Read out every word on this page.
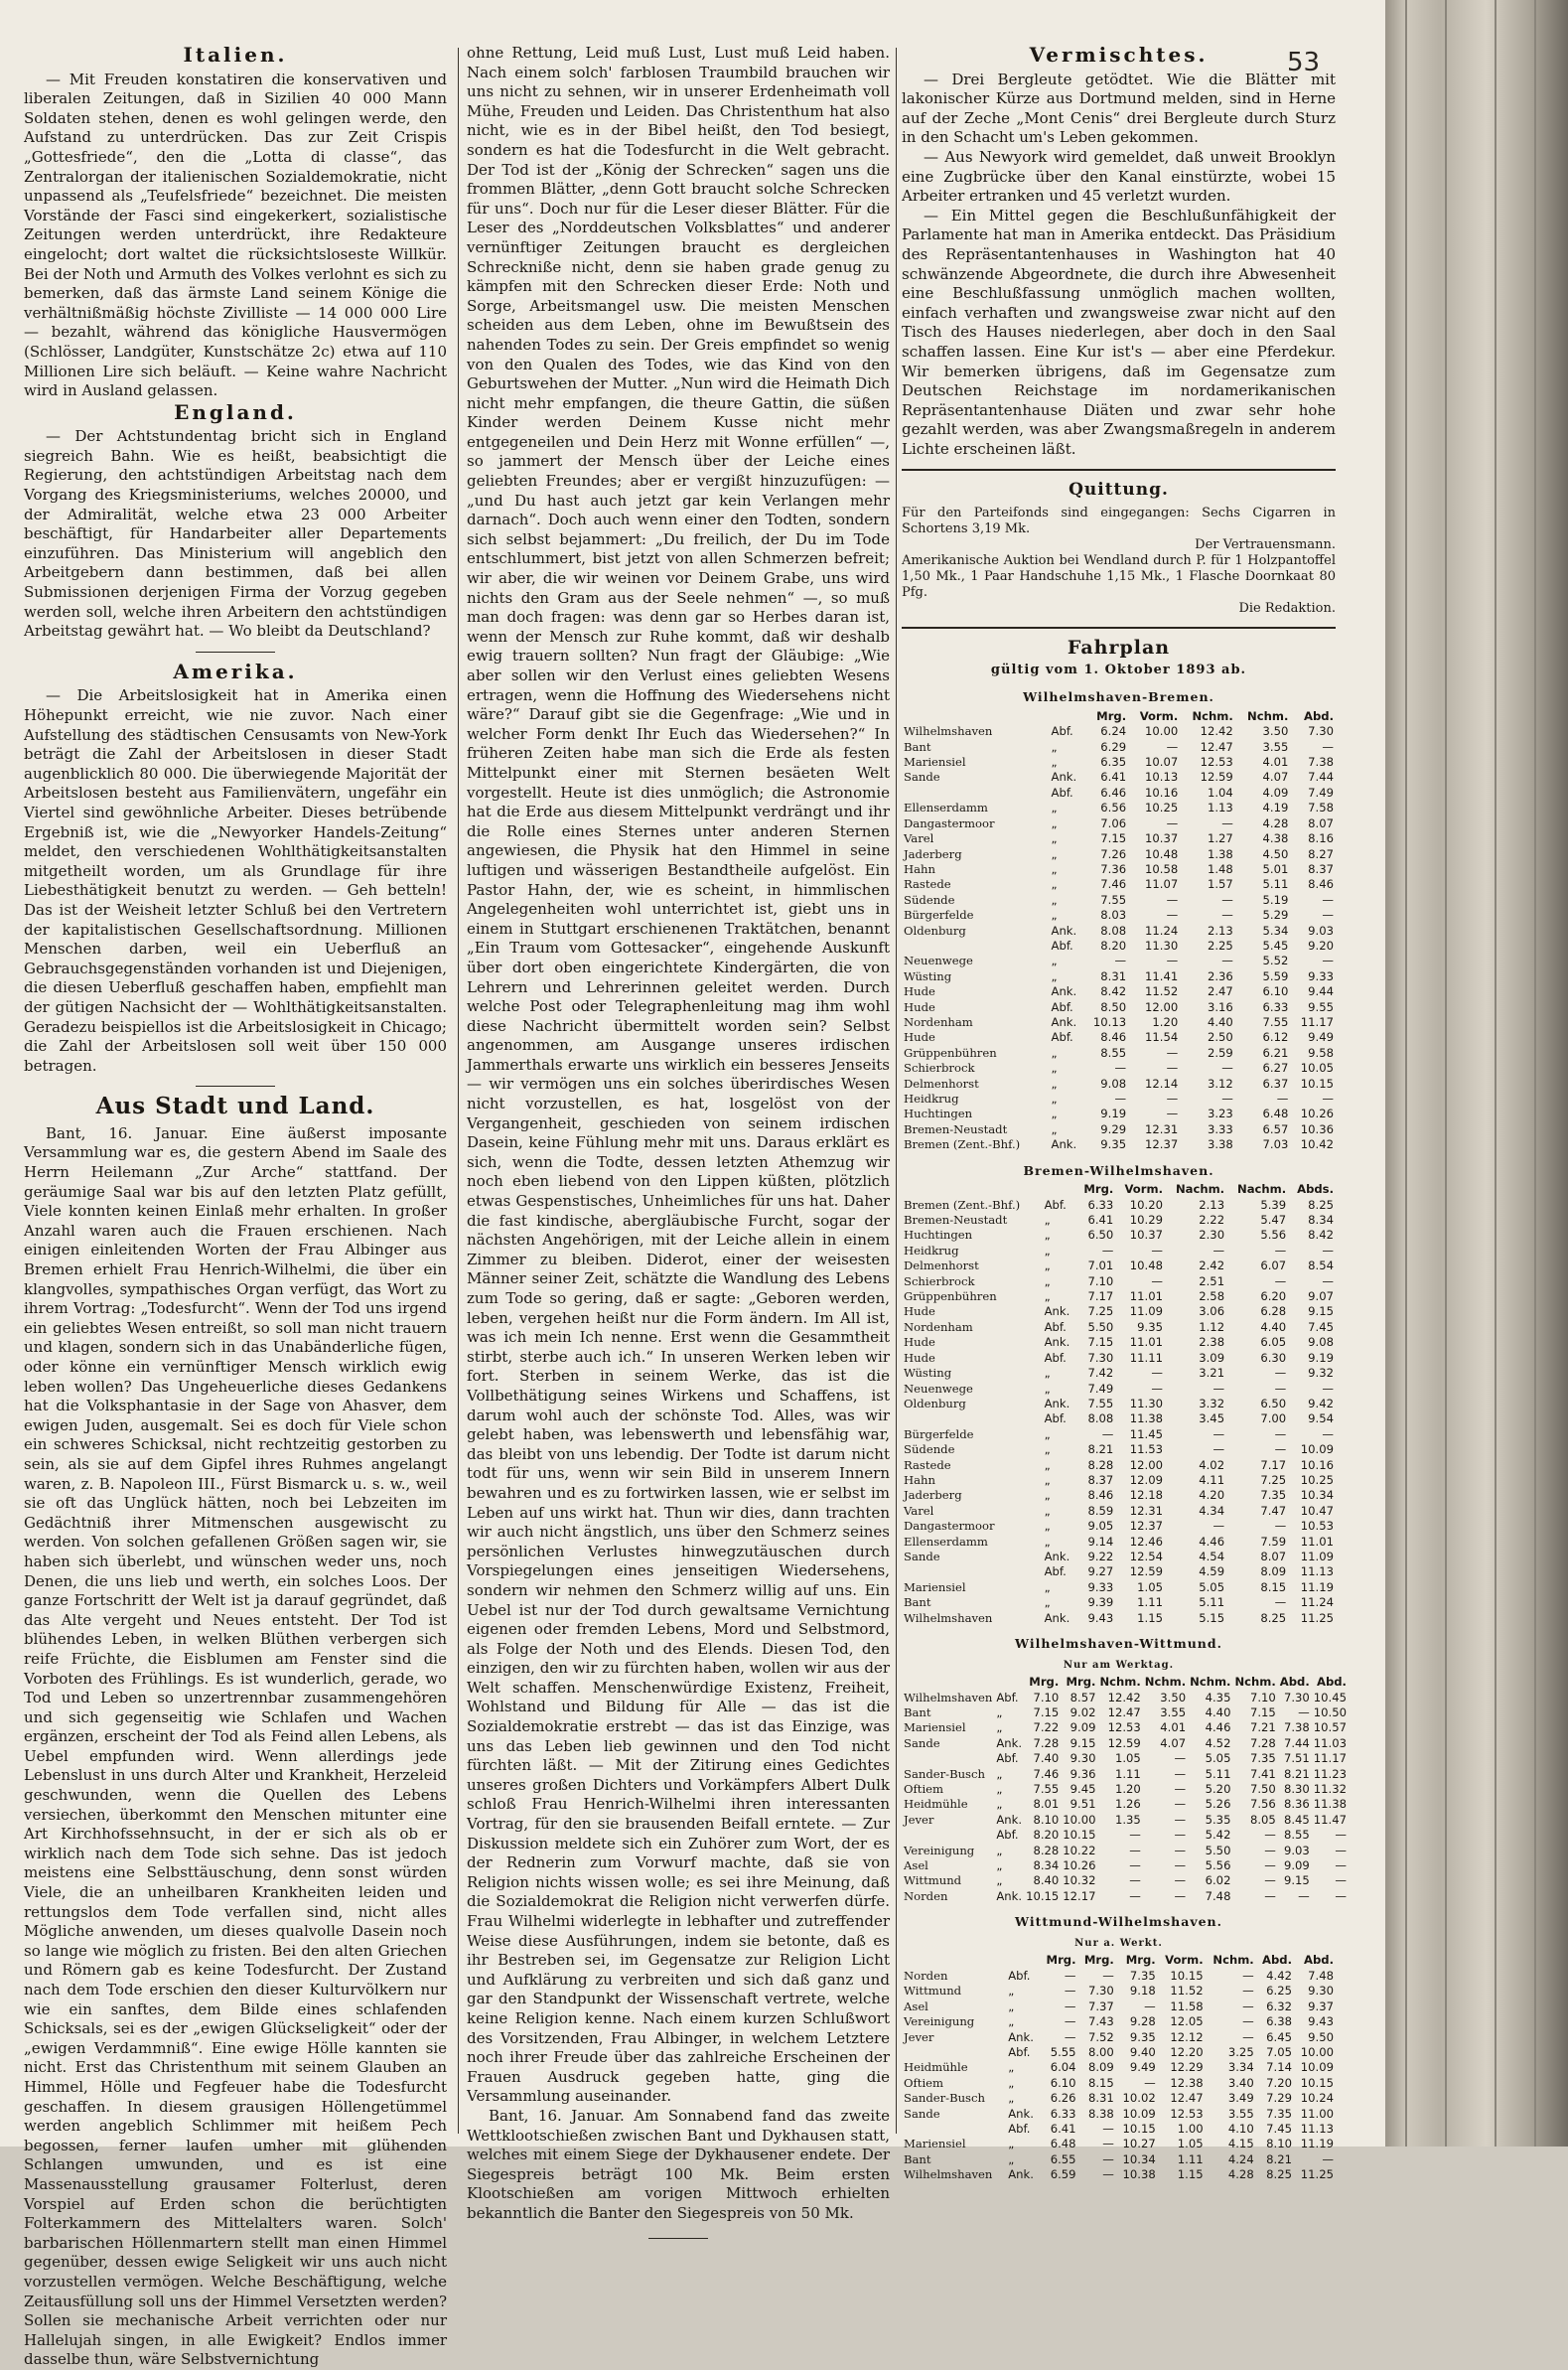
53
Italien.

— Mit Freuden konstatiren die konservativen und liberalen Zeitungen, daß in Sizilien 40 000 Mann Soldaten stehen, denen es wohl gelingen werde, den Aufstand zu unterdrücken. Das zur Zeit Crispis „Gottesfriede“, den die „Lotta di classe“, das Zentralorgan der italienischen Sozialdemokratie, nicht unpassend als „Teufelsfriede“ bezeichnet. Die meisten Vorstände der Fasci sind eingekerkert, sozialistische Zeitungen werden unterdrückt, ihre Redakteure eingelocht; dort waltet die rücksichtsloseste Willkür. Bei der Noth und Armuth des Volkes verlohnt es sich zu bemerken, daß das ärmste Land seinem Könige die verhältnißmäßig höchste Zivilliste — 14 000 000 Lire — bezahlt, während das königliche Hausvermögen (Schlösser, Landgüter, Kunstschätze 2c) etwa auf 110 Millionen Lire sich beläuft. — Keine wahre Nachricht wird in Ausland gelassen.

England.

— Der Achtstundentag bricht sich in England siegreich Bahn. Wie es heißt, beabsichtigt die Regierung, den achtstündigen Arbeitstag nach dem Vorgang des Kriegsministeriums, welches 20000, und der Admiralität, welche etwa 23 000 Arbeiter beschäftigt, für Handarbeiter aller Departements einzuführen. Das Ministerium will angeblich den Arbeitgebern dann bestimmen, daß bei allen Submissionen derjenigen Firma der Vorzug gegeben werden soll, welche ihren Arbeitern den achtstündigen Arbeitstag gewährt hat. — Wo bleibt da Deutschland?

Amerika.

— Die Arbeitslosigkeit hat in Amerika einen Höhepunkt erreicht, wie nie zuvor. Nach einer Aufstellung des städtischen Censusamts von New-York beträgt die Zahl der Arbeitslosen in dieser Stadt augenblicklich 80 000. Die überwiegende Majorität der Arbeitslosen besteht aus Familienvätern, ungefähr ein Viertel sind gewöhnliche Arbeiter. Dieses betrübende Ergebniß ist, wie die „Newyorker Handels-Zeitung“ meldet, den verschiedenen Wohlthätigkeitsanstalten mitgetheilt worden, um als Grundlage für ihre Liebesthätigkeit benutzt zu werden. — Geh betteln! Das ist der Weisheit letzter Schluß bei den Vertretern der kapitalistischen Gesellschaftsordnung. Millionen Menschen darben, weil ein Ueberfluß an Gebrauchsgegenständen vorhanden ist und Diejenigen, die diesen Ueberfluß geschaffen haben, empfiehlt man der gütigen Nachsicht der — Wohlthätigkeitsanstalten. Geradezu beispiellos ist die Arbeitslosigkeit in Chicago; die Zahl der Arbeitslosen soll weit über 150 000 betragen.

Aus Stadt und Land.

Bant, 16. Januar. Eine äußerst imposante Versammlung war es, die gestern Abend im Saale des Herrn Heilemann „Zur Arche“ stattfand. Der geräumige Saal war bis auf den letzten Platz gefüllt, Viele konnten keinen Einlaß mehr erhalten. In großer Anzahl waren auch die Frauen erschienen. Nach einigen einleitenden Worten der Frau Albinger aus Bremen erhielt Frau Henrich-Wilhelmi, die über ein klangvolles, sympathisches Organ verfügt, das Wort zu ihrem Vortrag: „Todesfurcht“. Wenn der Tod uns irgend ein geliebtes Wesen entreißt, so soll man nicht trauern und klagen, sondern sich in das Unabänderliche fügen, oder könne ein vernünftiger Mensch wirklich ewig leben wollen? Das Ungeheuerliche dieses Gedankens hat die Volksphantasie in der Sage von Ahasver, dem ewigen Juden, ausgemalt. Sei es doch für Viele schon ein schweres Schicksal, nicht rechtzeitig gestorben zu sein, als sie auf dem Gipfel ihres Ruhmes angelangt waren, z. B. Napoleon III., Fürst Bismarck u. s. w., weil sie oft das Unglück hätten, noch bei Lebzeiten im Gedächtniß ihrer Mitmenschen ausgewischt zu werden. Von solchen gefallenen Größen sagen wir, sie haben sich überlebt, und wünschen weder uns, noch Denen, die uns lieb und werth, ein solches Loos. Der ganze Fortschritt der Welt ist ja darauf gegründet, daß das Alte vergeht und Neues entsteht. Der Tod ist blühendes Leben, in welken Blüthen verbergen sich reife Früchte, die Eisblumen am Fenster sind die Vorboten des Frühlings. Es ist wunderlich, gerade, wo Tod und Leben so unzertrennbar zusammengehören und sich gegenseitig wie Schlafen und Wachen ergänzen, erscheint der Tod als Feind allen Lebens, als Uebel empfunden wird. Wenn allerdings jede Lebenslust in uns durch Alter und Krankheit, Herzeleid geschwunden, wenn die Quellen des Lebens versiechen, überkommt den Menschen mitunter eine Art Kirchhofssehnsucht, in der er sich als ob er wirklich nach dem Tode sich sehne. Das ist jedoch meistens eine Selbsttäuschung, denn sonst würden Viele, die an unheilbaren Krankheiten leiden und rettungslos dem Tode verfallen sind, nicht alles Mögliche anwenden, um dieses qualvolle Dasein noch so lange wie möglich zu fristen. Bei den alten Griechen und Römern gab es keine Todesfurcht. Der Zustand nach dem Tode erschien den dieser Kulturvölkern nur wie ein sanftes, dem Bilde eines schlafenden Schicksals, sei es der „ewigen Glückseligkeit“ oder der „ewigen Verdammniß“. Eine ewige Hölle kannten sie nicht. Erst das Christenthum mit seinem Glauben an Himmel, Hölle und Fegfeuer habe die Todesfurcht geschaffen. In diesem grausigen Höllengetümmel werden angeblich Schlimmer mit heißem Pech begossen, ferner laufen umher mit glühenden Schlangen umwunden, und es ist eine Massenausstellung grausamer Folterlust, deren Vorspiel auf Erden schon die berüchtigten Folterkammern des Mittelalters waren. Solch' barbarischen Höllenmartern stellt man einen Himmel gegenüber, dessen ewige Seligkeit wir uns auch nicht vorzustellen vermögen. Welche Beschäftigung, welche Zeitausfüllung soll uns der Himmel Versetzten werden? Sollen sie mechanische Arbeit verrichten oder nur Hallelujah singen, in alle Ewigkeit? Endlos immer dasselbe thun, wäre Selbstvernichtung

ohne Rettung, Leid muß Lust, Lust muß Leid haben. Nach einem solch' farblosen Traumbild brauchen wir uns nicht zu sehnen, wir in unserer Erdenheimath voll Mühe, Freuden und Leiden. Das Christenthum hat also nicht, wie es in der Bibel heißt, den Tod besiegt, sondern es hat die Todesfurcht in die Welt gebracht. Der Tod ist der „König der Schrecken“ sagen uns die frommen Blätter, „denn Gott braucht solche Schrecken für uns“. Doch nur für die Leser dieser Blätter. Für die Leser des „Norddeutschen Volksblattes“ und anderer vernünftiger Zeitungen braucht es dergleichen Schreckniße nicht, denn sie haben grade genug zu kämpfen mit den Schrecken dieser Erde: Noth und Sorge, Arbeitsmangel usw. Die meisten Menschen scheiden aus dem Leben, ohne im Bewußtsein des nahenden Todes zu sein. Der Greis empfindet so wenig von den Qualen des Todes, wie das Kind von den Geburtswehen der Mutter. „Nun wird die Heimath Dich nicht mehr empfangen, die theure Gattin, die süßen Kinder werden Deinem Kusse nicht mehr entgegeneilen und Dein Herz mit Wonne erfüllen“ —, so jammert der Mensch über der Leiche eines geliebten Freundes; aber er vergißt hinzuzufügen: — „und Du hast auch jetzt gar kein Verlangen mehr darnach“. Doch auch wenn einer den Todten, sondern sich selbst bejammert: „Du freilich, der Du im Tode entschlummert, bist jetzt von allen Schmerzen befreit; wir aber, die wir weinen vor Deinem Grabe, uns wird nichts den Gram aus der Seele nehmen“ —, so muß man doch fragen: was denn gar so Herbes daran ist, wenn der Mensch zur Ruhe kommt, daß wir deshalb ewig trauern sollten? Nun fragt der Gläubige: „Wie aber sollen wir den Verlust eines geliebten Wesens ertragen, wenn die Hoffnung des Wiedersehens nicht wäre?“ Darauf gibt sie die Gegenfrage: „Wie und in welcher Form denkt Ihr Euch das Wiedersehen?“ In früheren Zeiten habe man sich die Erde als festen Mittelpunkt einer mit Sternen besäeten Welt vorgestellt. Heute ist dies unmöglich; die Astronomie hat die Erde aus diesem Mittelpunkt verdrängt und ihr die Rolle eines Sternes unter anderen Sternen angewiesen, die Physik hat den Himmel in seine luftigen und wässerigen Bestandtheile aufgelöst. Ein Pastor Hahn, der, wie es scheint, in himmlischen Angelegenheiten wohl unterrichtet ist, giebt uns in einem in Stuttgart erschienenen Traktätchen, benannt „Ein Traum vom Gottesacker“, eingehende Auskunft über dort oben eingerichtete Kindergärten, die von Lehrern und Lehrerinnen geleitet werden. Durch welche Post oder Telegraphenleitung mag ihm wohl diese Nachricht übermittelt worden sein? Selbst angenommen, am Ausgange unseres irdischen Jammerthals erwarte uns wirklich ein besseres Jenseits — wir vermögen uns ein solches überirdisches Wesen nicht vorzustellen, es hat, losgelöst von der Vergangenheit, geschieden von seinem irdischen Dasein, keine Fühlung mehr mit uns. Daraus erklärt es sich, wenn die Todte, dessen letzten Athemzug wir noch eben liebend von den Lippen küßten, plötzlich etwas Gespenstisches, Unheimliches für uns hat. Daher die fast kindische, abergläubische Furcht, sogar der nächsten Angehörigen, mit der Leiche allein in einem Zimmer zu bleiben. Diderot, einer der weisesten Männer seiner Zeit, schätzte die Wandlung des Lebens zum Tode so gering, daß er sagte: „Geboren werden, leben, vergehen heißt nur die Form ändern. Im All ist, was ich mein Ich nenne. Erst wenn die Gesammtheit stirbt, sterbe auch ich.“ In unseren Werken leben wir fort. Sterben in seinem Werke, das ist die Vollbethätigung seines Wirkens und Schaffens, ist darum wohl auch der schönste Tod. Alles, was wir gelebt haben, was lebenswerth und lebensfähig war, das bleibt von uns lebendig. Der Todte ist darum nicht todt für uns, wenn wir sein Bild in unserem Innern bewahren und es zu fortwirken lassen, wie er selbst im Leben auf uns wirkt hat. Thun wir dies, dann trachten wir auch nicht ängstlich, uns über den Schmerz seines persönlichen Verlustes hinwegzutäuschen durch Vorspiegelungen eines jenseitigen Wiedersehens, sondern wir nehmen den Schmerz willig auf uns. Ein Uebel ist nur der Tod durch gewaltsame Vernichtung eigenen oder fremden Lebens, Mord und Selbstmord, als Folge der Noth und des Elends. Diesen Tod, den einzigen, den wir zu fürchten haben, wollen wir aus der Welt schaffen. Menschenwürdige Existenz, Freiheit, Wohlstand und Bildung für Alle — das ist die Sozialdemokratie erstrebt — das ist das Einzige, was uns das Leben lieb gewinnen und den Tod nicht fürchten läßt. — Mit der Zitirung eines Gedichtes unseres großen Dichters und Vorkämpfers Albert Dulk schloß Frau Henrich-Wilhelmi ihren interessanten Vortrag, für den sie brausenden Beifall erntete. — Zur Diskussion meldete sich ein Zuhörer zum Wort, der es der Rednerin zum Vorwurf machte, daß sie von Religion nichts wissen wolle; es sei ihre Meinung, daß die Sozialdemokrat die Religion nicht verwerfen dürfe. Frau Wilhelmi widerlegte in lebhafter und zutreffender Weise diese Ausführungen, indem sie betonte, daß es ihr Bestreben sei, im Gegensatze zur Religion Licht und Aufklärung zu verbreiten und sich daß ganz und gar den Standpunkt der Wissenschaft vertrete, welche keine Religion kenne. Nach einem kurzen Schlußwort des Vorsitzenden, Frau Albinger, in welchem Letztere noch ihrer Freude über das zahlreiche Erscheinen der Frauen Ausdruck gegeben hatte, ging die Versammlung auseinander.

Bant, 16. Januar. Am Sonnabend fand das zweite Wettklootschießen zwischen Bant und Dykhausen statt, welches mit einem Siege der Dykhausener endete. Der Siegespreis beträgt 100 Mk. Beim ersten Klootschießen am vorigen Mittwoch erhielten bekanntlich die Banter den Siegespreis von 50 Mk.

Vermischtes.

— Drei Bergleute getödtet. Wie die Blätter mit lakonischer Kürze aus Dortmund melden, sind in Herne auf der Zeche „Mont Cenis“ drei Bergleute durch Sturz in den Schacht um's Leben gekommen.

— Aus Newyork wird gemeldet, daß unweit Brooklyn eine Zugbrücke über den Kanal einstürzte, wobei 15 Arbeiter ertranken und 45 verletzt wurden.

— Ein Mittel gegen die Beschlußunfähigkeit der Parlamente hat man in Amerika entdeckt. Das Präsidium des Repräsentantenhauses in Washington hat 40 schwänzende Abgeordnete, die durch ihre Abwesenheit eine Beschlußfassung unmöglich machen wollten, einfach verhaften und zwangsweise zwar nicht auf den Tisch des Hauses niederlegen, aber doch in den Saal schaffen lassen. Eine Kur ist's — aber eine Pferdekur. Wir bemerken übrigens, daß im Gegensatze zum Deutschen Reichstage im nordamerikanischen Repräsentantenhause Diäten und zwar sehr hohe gezahlt werden, was aber Zwangsmaßregeln in anderem Lichte erscheinen läßt.

Quittung.

Für den Parteifonds sind eingegangen: Sechs Cigarren in Schortens 3,19 Mk.

Der Vertrauensmann.

Amerikanische Auktion bei Wendland durch P. für 1 Holzpantoffel 1,50 Mk., 1 Paar Handschuhe 1,15 Mk., 1 Flasche Doornkaat 80 Pfg.

Die Redaktion.

Fahrplan
gültig vom 1. Oktober 1893 ab.
Wilhelmshaven-Bremen.
		Mrg.	Vorm.	Nchm.	Nchm.	Abd.
Wilhelmshaven	Abf.	6.24	10.00	12.42	3.50	7.30
Bant	„	6.29	—	12.47	3.55	—
Mariensiel	„	6.35	10.07	12.53	4.01	7.38
Sande	Ank.	6.41	10.13	12.59	4.07	7.44
	Abf.	6.46	10.16	1.04	4.09	7.49
Ellenserdamm	„	6.56	10.25	1.13	4.19	7.58
Dangastermoor	„	7.06	—	—	4.28	8.07
Varel	„	7.15	10.37	1.27	4.38	8.16
Jaderberg	„	7.26	10.48	1.38	4.50	8.27
Hahn	„	7.36	10.58	1.48	5.01	8.37
Rastede	„	7.46	11.07	1.57	5.11	8.46
Südende	„	7.55	—	—	5.19	—
Bürgerfelde	„	8.03	—	—	5.29	—
Oldenburg	Ank.	8.08	11.24	2.13	5.34	9.03
	Abf.	8.20	11.30	2.25	5.45	9.20
Neuenwege	„	—	—	—	5.52	—
Wüsting	„	8.31	11.41	2.36	5.59	9.33
Hude	Ank.	8.42	11.52	2.47	6.10	9.44
Hude	Abf.	8.50	12.00	3.16	6.33	9.55
Nordenham	Ank.	10.13	1.20	4.40	7.55	11.17
Hude	Abf.	8.46	11.54	2.50	6.12	9.49
Grüppenbühren	„	8.55	—	2.59	6.21	9.58
Schierbrock	„	—	—	—	6.27	10.05
Delmenhorst	„	9.08	12.14	3.12	6.37	10.15
Heidkrug	„	—	—	—	—	—
Huchtingen	„	9.19	—	3.23	6.48	10.26
Bremen-Neustadt	„	9.29	12.31	3.33	6.57	10.36
Bremen (Zent.-Bhf.)	Ank.	9.35	12.37	3.38	7.03	10.42
Bremen-Wilhelmshaven.
		Mrg.	Vorm.	Nachm.	Nachm.	Abds.
Bremen (Zent.-Bhf.)	Abf.	6.33	10.20	2.13	5.39	8.25
Bremen-Neustadt	„	6.41	10.29	2.22	5.47	8.34
Huchtingen	„	6.50	10.37	2.30	5.56	8.42
Heidkrug	„	—	—	—	—	—
Delmenhorst	„	7.01	10.48	2.42	6.07	8.54
Schierbrock	„	7.10	—	2.51	—	—
Grüppenbühren	„	7.17	11.01	2.58	6.20	9.07
Hude	Ank.	7.25	11.09	3.06	6.28	9.15
Nordenham	Abf.	5.50	9.35	1.12	4.40	7.45
Hude	Ank.	7.15	11.01	2.38	6.05	9.08
Hude	Abf.	7.30	11.11	3.09	6.30	9.19
Wüsting	„	7.42	—	3.21	—	9.32
Neuenwege	„	7.49	—	—	—	—
Oldenburg	Ank.	7.55	11.30	3.32	6.50	9.42
	Abf.	8.08	11.38	3.45	7.00	9.54
Bürgerfelde	„	—	11.45	—	—	—
Südende	„	8.21	11.53	—	—	10.09
Rastede	„	8.28	12.00	4.02	7.17	10.16
Hahn	„	8.37	12.09	4.11	7.25	10.25
Jaderberg	„	8.46	12.18	4.20	7.35	10.34
Varel	„	8.59	12.31	4.34	7.47	10.47
Dangastermoor	„	9.05	12.37	—	—	10.53
Ellenserdamm	„	9.14	12.46	4.46	7.59	11.01
Sande	Ank.	9.22	12.54	4.54	8.07	11.09
	Abf.	9.27	12.59	4.59	8.09	11.13
Mariensiel	„	9.33	1.05	5.05	8.15	11.19
Bant	„	9.39	1.11	5.11	—	11.24
Wilhelmshaven	Ank.	9.43	1.15	5.15	8.25	11.25
Wilhelmshaven-Wittmund.
Nur am Werktag.
		Mrg.	Mrg.	Nchm.	Nchm.	Nchm.	Nchm.	Abd.	Abd.
Wilhelmshaven	Abf.	7.10	8.57	12.42	3.50	4.35	7.10	7.30	10.45
Bant	„	7.15	9.02	12.47	3.55	4.40	7.15	—	10.50
Mariensiel	„	7.22	9.09	12.53	4.01	4.46	7.21	7.38	10.57
Sande	Ank.	7.28	9.15	12.59	4.07	4.52	7.28	7.44	11.03
	Abf.	7.40	9.30	1.05	—	5.05	7.35	7.51	11.17
Sander-Busch	„	7.46	9.36	1.11	—	5.11	7.41	8.21	11.23
Oftiem	„	7.55	9.45	1.20	—	5.20	7.50	8.30	11.32
Heidmühle	„	8.01	9.51	1.26	—	5.26	7.56	8.36	11.38
Jever	Ank.	8.10	10.00	1.35	—	5.35	8.05	8.45	11.47
	Abf.	8.20	10.15	—	—	5.42	—	8.55	—
Vereinigung	„	8.28	10.22	—	—	5.50	—	9.03	—
Asel	„	8.34	10.26	—	—	5.56	—	9.09	—
Wittmund	„	8.40	10.32	—	—	6.02	—	9.15	—
Norden	Ank.	10.15	12.17	—	—	7.48	—	—	—
Wittmund-Wilhelmshaven.
Nur a. Werkt.
		Mrg.	Mrg.	Mrg.	Vorm.	Nchm.	Abd.	Abd.
Norden	Abf.	—	—	7.35	10.15	—	4.42	7.48
Wittmund	„	—	7.30	9.18	11.52	—	6.25	9.30
Asel	„	—	7.37	—	11.58	—	6.32	9.37
Vereinigung	„	—	7.43	9.28	12.05	—	6.38	9.43
Jever	Ank.	—	7.52	9.35	12.12	—	6.45	9.50
	Abf.	5.55	8.00	9.40	12.20	3.25	7.05	10.00
Heidmühle	„	6.04	8.09	9.49	12.29	3.34	7.14	10.09
Oftiem	„	6.10	8.15	—	12.38	3.40	7.20	10.15
Sander-Busch	„	6.26	8.31	10.02	12.47	3.49	7.29	10.24
Sande	Ank.	6.33	8.38	10.09	12.53	3.55	7.35	11.00
	Abf.	6.41	—	10.15	1.00	4.10	7.45	11.13
Mariensiel	„	6.48	—	10.27	1.05	4.15	8.10	11.19
Bant	„	6.55	—	10.34	1.11	4.24	8.21	—
Wilhelmshaven	Ank.	6.59	—	10.38	1.15	4.28	8.25	11.25
